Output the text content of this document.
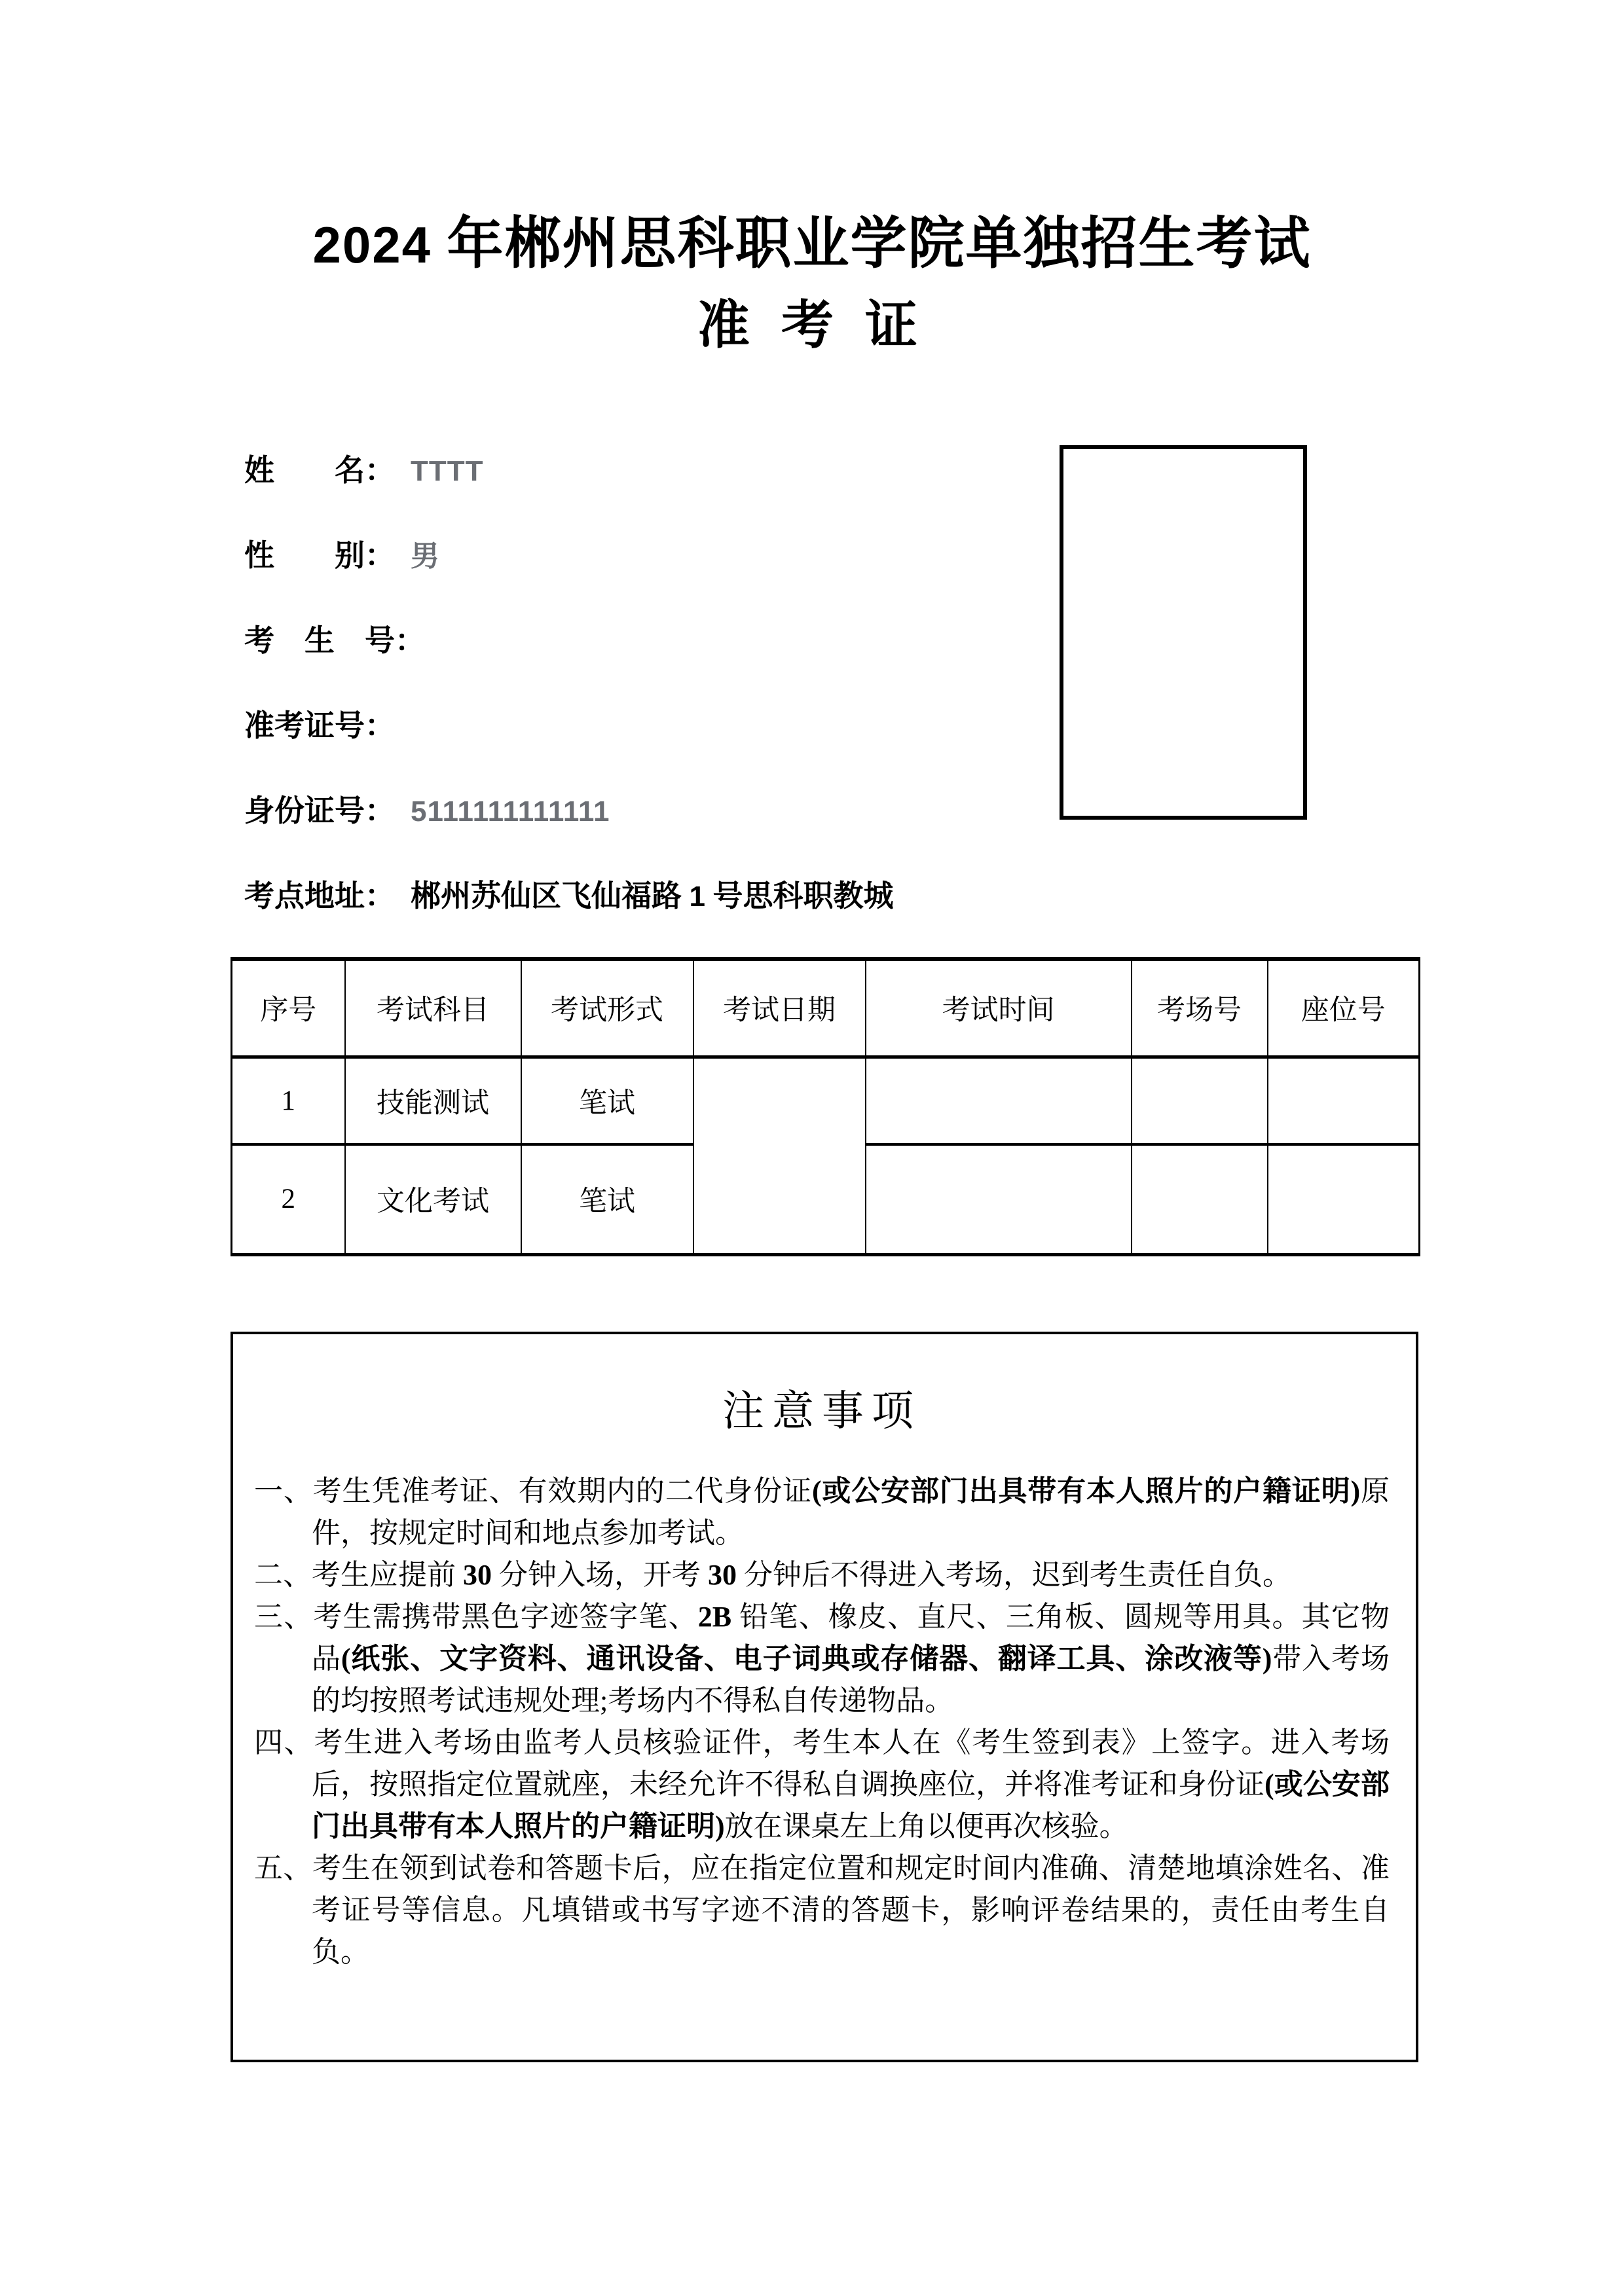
2024 年郴州思科职业学院单独招生考试
准 考 证
姓　　名： TTTT
性　　别： 男
考　生　号：
准考证号：
身份证号： 5111111111111
考点地址： 郴州苏仙区飞仙福路 1 号思科职教城
序号	考试科目	考试形式	考试日期	考试时间	考场号	座位号
1	技能测试	笔试				
2	文化考试	笔试				
注意事项

一、考生凭准考证、有效期内的二代身份证(或公安部门出具带有本人照片的户籍证明)原件，按规定时间和地点参加考试。

二、考生应提前 30 分钟入场，开考 30 分钟后不得进入考场，迟到考生责任自负。

三、考生需携带黑色字迹签字笔、2B 铅笔、橡皮、直尺、三角板、圆规等用具。其它物品(纸张、文字资料、通讯设备、电子词典或存储器、翻译工具、涂改液等)带入考场的均按照考试违规处理;考场内不得私自传递物品。

四、考生进入考场由监考人员核验证件，考生本人在《考生签到表》上签字。进入考场后，按照指定位置就座，未经允许不得私自调换座位，并将准考证和身份证(或公安部门出具带有本人照片的户籍证明)放在课桌左上角以便再次核验。

五、考生在领到试卷和答题卡后，应在指定位置和规定时间内准确、清楚地填涂姓名、准考证号等信息。凡填错或书写字迹不清的答题卡，影响评卷结果的，责任由考生自负。
